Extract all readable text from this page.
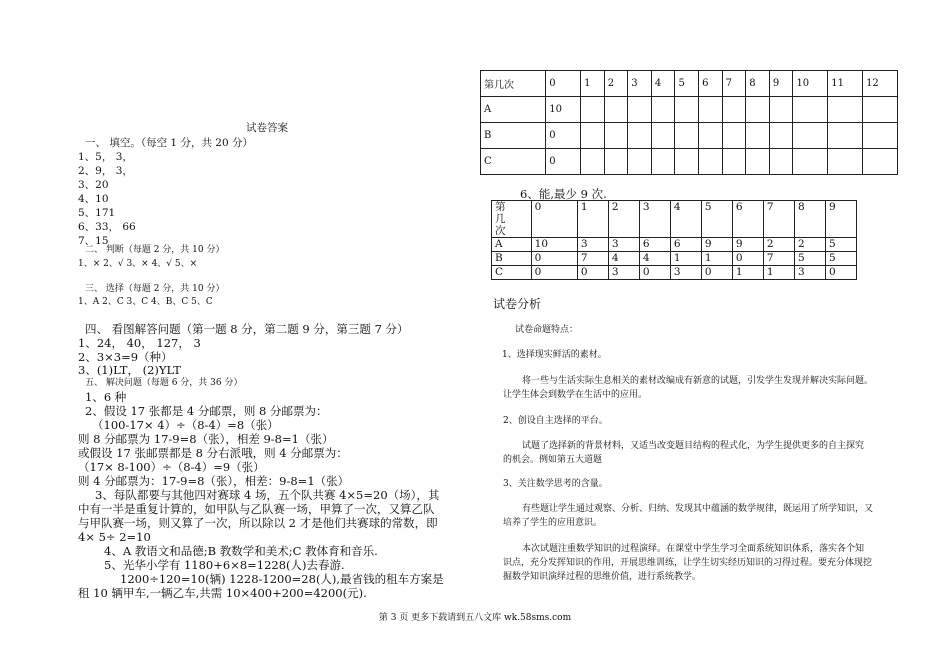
试卷答案
一、 填空。（每空 1 分，共 20 分）
1、5， 3，
2、9， 3，
3、20
4、10
5、171
6、33， 66
7、15
二、 判断（每题 2 分，共 10 分）
1、× 2、√ 3、× 4、√ 5、×
三、 选择（每题 2 分，共 10 分）
1、A 2、C 3、C 4、B、C 5、C
四、 看图解答问题（第一题 8 分，第二题 9 分，第三题 7 分）
1、24， 40， 127， 3
2、3×3=9（种）
3、(1)LT， (2)YLT
五、 解决问题（每题 6 分，共 36 分）
1、6 种
2、假设 17 张都是 4 分邮票，则 8 分邮票为：
（100-17× 4）÷（8-4）=8（张）
则 8 分邮票为 17-9=8（张），相差 9-8=1（张）
或假设 17 张邮票都是 8 分右派哦，则 4 分邮票为：
（17× 8-100）÷（8-4）=9（张）
则 4 分邮票为：17-9=8（张），相差：9-8=1（张）
3、每队都要与其他四对赛球 4 场，五个队共赛 4×5=20（场），其
中有一半是重复计算的，如甲队与乙队赛一场，甲算了一次，又算乙队
与甲队赛一场，则又算了一次，所以除以 2 才是他们共赛球的常数，即
4× 5÷ 2=10
4、A 教语文和品德;B 教数学和美术;C 教体育和音乐.
5、光华小学有 1180+6×8=1228(人)去春游.
1200÷120=10(辆) 1228-1200=28(人),最省钱的租车方案是
租 10 辆甲车,一辆乙车,共需 10×400+200=4200(元).
第几次	0	1	2	3	4	5	6	7	8	9	10	11	12
A	10												
B	0												
C	0												
6、能,最少 9 次.
第
几
次	0	1	2	3	4	5	6	7	8	9
A	10	3	3	6	6	9	9	2	2	5
B	0	7	4	4	1	1	0	7	5	5
C	0	0	3	0	3	0	1	1	3	0
试卷分析
试卷命题特点：
1、选择现实鲜活的素材。
将一些与生活实际生息相关的素材改编成有新意的试题，引发学生发现并解决实际问题。
让学生体会到数学在生活中的应用。
2、创设自主选择的平台。
试题了选择新的背景材料，又适当改变题目结构的程式化，为学生提供更多的自主探究
的机会。例如第五大道题
3、关注数学思考的含量。
有些题让学生通过观察、分析、归纳、发现其中蕴涵的数学规律，既运用了所学知识，又
培养了学生的应用意识。
本次试题注重数学知识的过程演绎。在课堂中学生学习全面系统知识体系，落实各个知
识点，充分发挥知识的作用，开展思维训练，让学生切实经历知识的习得过程。要充分体现挖
掘数学知识演绎过程的思维价值，进行系统教学。
第 3 页 更多下载请到五八文库 wk.58sms.com
